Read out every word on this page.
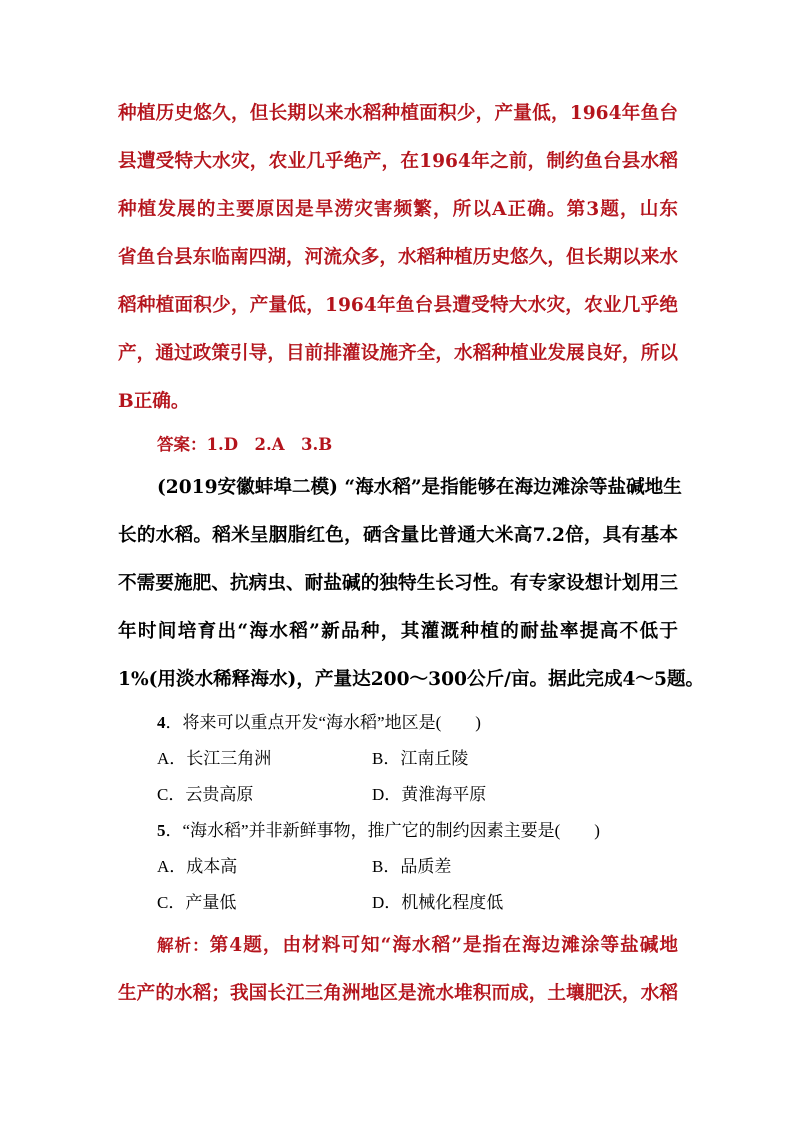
种植历史悠久，但长期以来水稻种植面积少，产量低，1964年鱼台
县遭受特大水灾，农业几乎绝产，在1964年之前，制约鱼台县水稻
种植发展的主要原因是旱涝灾害频繁，所以A正确。第3题，山东
省鱼台县东临南四湖，河流众多，水稻种植历史悠久，但长期以来水
稻种植面积少，产量低，1964年鱼台县遭受特大水灾，农业几乎绝
产，通过政策引导，目前排灌设施齐全，水稻种植业发展良好，所以
B正确。
答案：1.D　2.A　3.B
(2019安徽蚌埠二模) “海水稻”是指能够在海边滩涂等盐碱地生
长的水稻。稻米呈胭脂红色，硒含量比普通大米高7.2倍，具有基本
不需要施肥、抗病虫、耐盐碱的独特生长习性。有专家设想计划用三
年时间培育出“海水稻”新品种，其灌溉种植的耐盐率提高不低于
1%(用淡水稀释海水)，产量达200～300公斤/亩。据此完成4～5题。
4．将来可以重点开发“海水稻”地区是(　　)
A．长江三角洲	B．江南丘陵
C．云贵高原	D．黄淮海平原
5．“海水稻”并非新鲜事物，推广它的制约因素主要是(　　)
A．成本高	B．品质差
C．产量低	D．机械化程度低
解析：第4题，由材料可知“海水稻”是指在海边滩涂等盐碱地
生产的水稻；我国长江三角洲地区是流水堆积而成，土壤肥沃，水稻
